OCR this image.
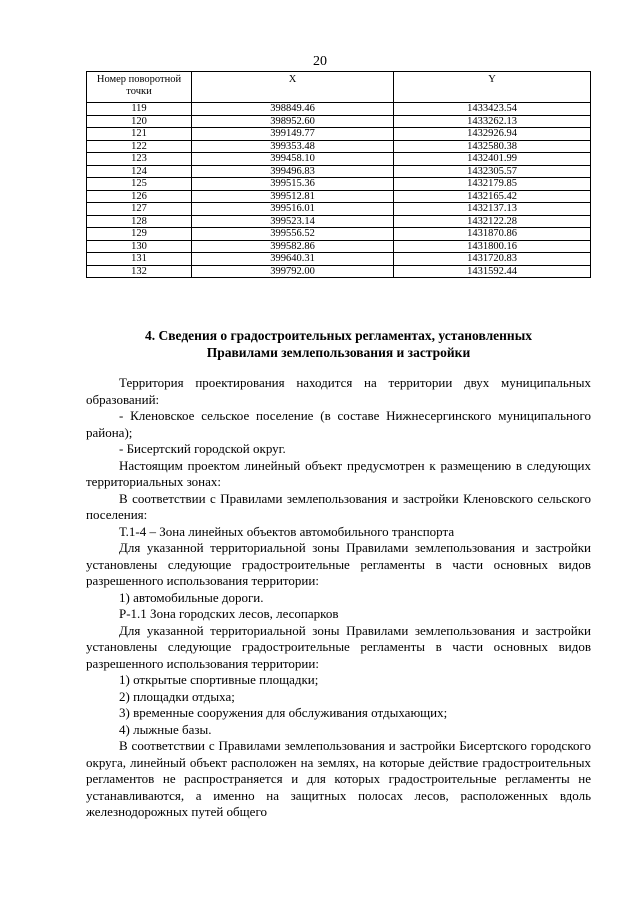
20
Номер поворотной точки	X	Y
119	398849.46	1433423.54
120	398952.60	1433262.13
121	399149.77	1432926.94
122	399353.48	1432580.38
123	399458.10	1432401.99
124	399496.83	1432305.57
125	399515.36	1432179.85
126	399512.81	1432165.42
127	399516.01	1432137.13
128	399523.14	1432122.28
129	399556.52	1431870.86
130	399582.86	1431800.16
131	399640.31	1431720.83
132	399792.00	1431592.44
4. Сведения о градостроительных регламентах, установленных
Правилами землепользования и застройки

Территория проектирования находится на территории двух муниципальных образований:

- Кленовское сельское поселение (в составе Нижнесергинского муниципального района);

- Бисертский городской округ.

Настоящим проектом линейный объект предусмотрен к размещению в следующих территориальных зонах:

В соответствии с Правилами землепользования и застройки Кленовского сельского поселения:

Т.1-4 – Зона линейных объектов автомобильного транспорта

Для указанной территориальной зоны Правилами землепользования и застройки установлены следующие градостроительные регламенты в части основных видов разрешенного использования территории:

1) автомобильные дороги.

Р-1.1 Зона городских лесов, лесопарков

Для указанной территориальной зоны Правилами землепользования и застройки установлены следующие градостроительные регламенты в части основных видов разрешенного использования территории:

1) открытые спортивные площадки;

2) площадки отдыха;

3) временные сооружения для обслуживания отдыхающих;

4) лыжные базы.

В соответствии с Правилами землепользования и застройки Бисертского городского округа, линейный объект расположен на землях, на которые действие градостроительных регламентов не распространяется и для которых градостроительные регламенты не устанавливаются, а именно на защитных полосах лесов, расположенных вдоль железнодорожных путей общего
